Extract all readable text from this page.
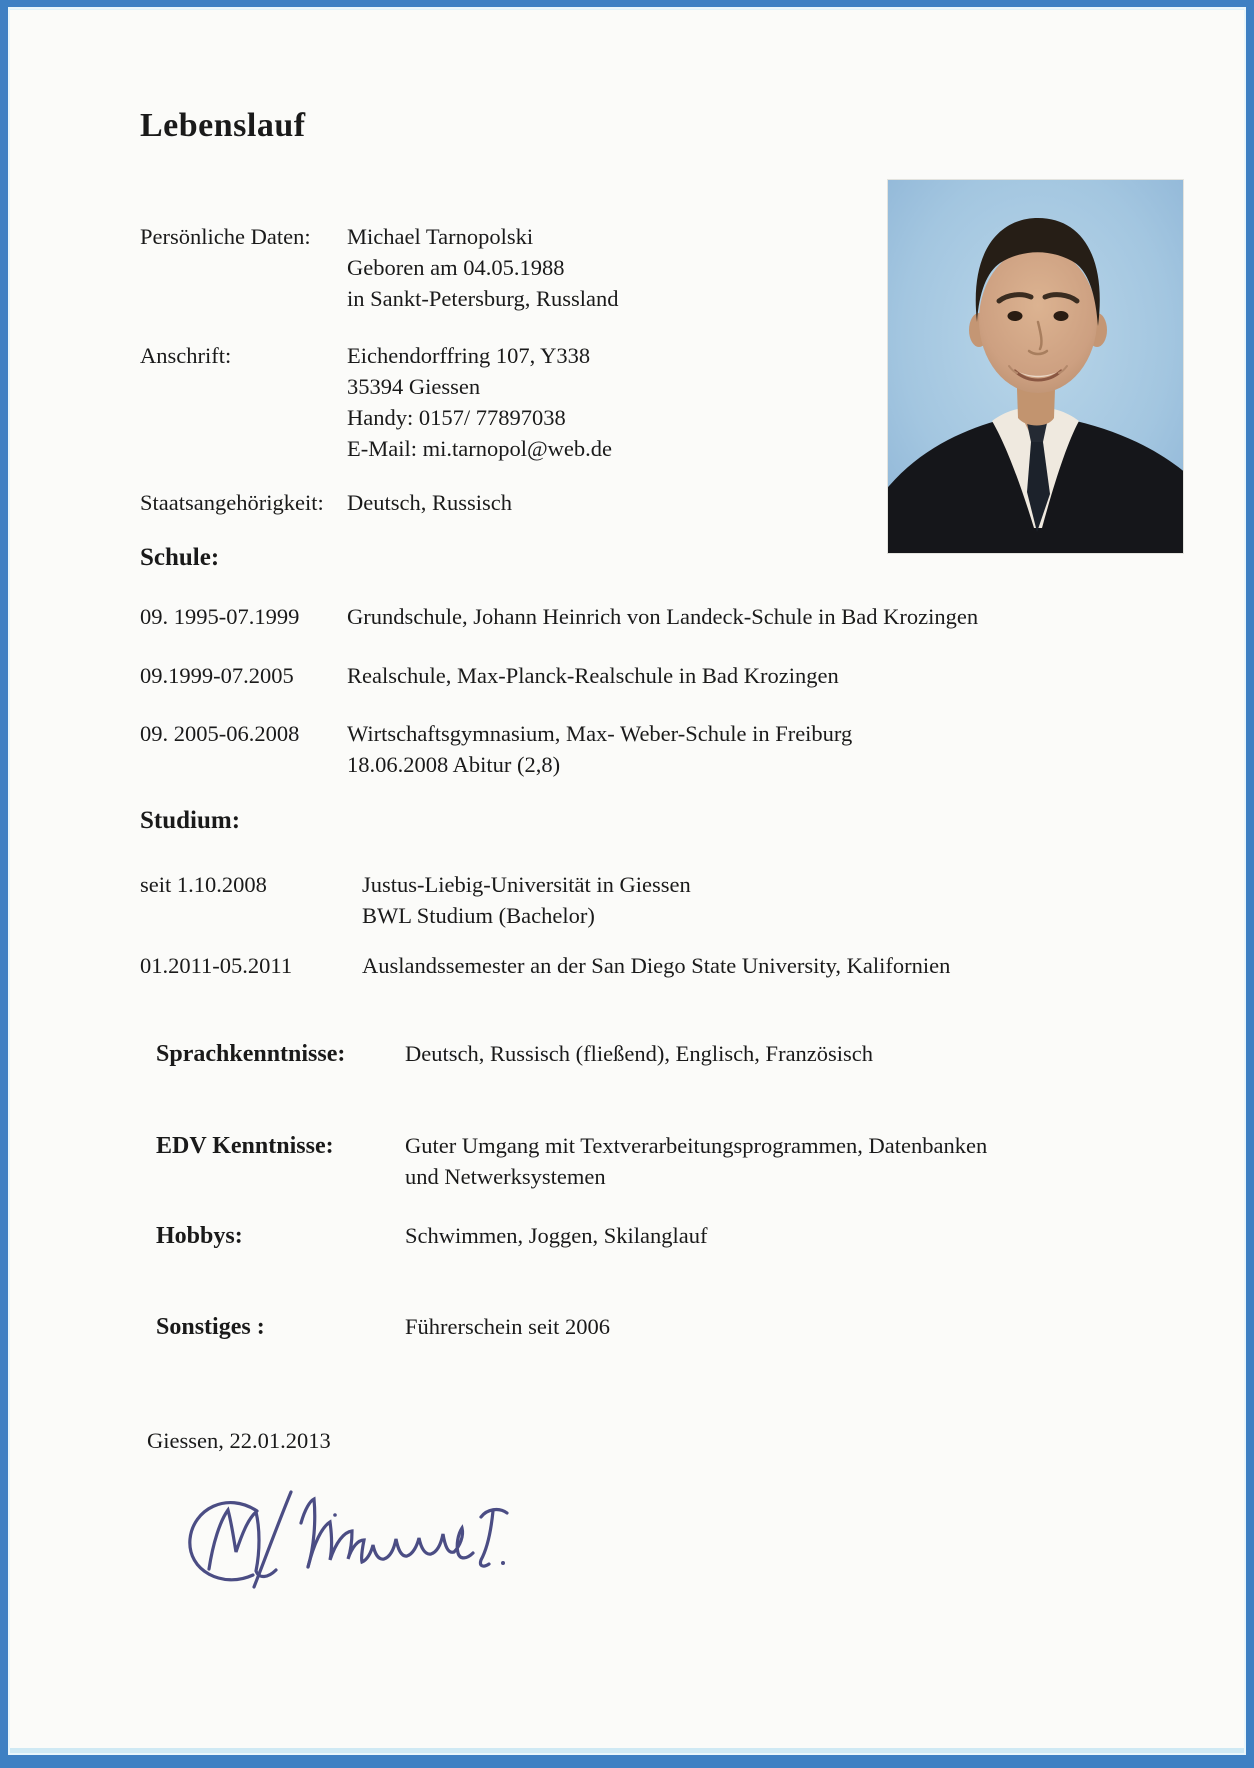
Lebenslauf
Persönliche Daten:	Michael Tarnopolski
Geboren am 04.05.1988
in Sankt-Petersburg, Russland
Anschrift:	Eichendorffring 107, Y338
35394 Giessen
Handy: 0157/ 77897038
E-Mail: mi.tarnopol@web.de
Staatsangehörigkeit:	Deutsch, Russisch
Schule:
09. 1995-07.1999	Grundschule, Johann Heinrich von Landeck-Schule in Bad Krozingen
09.1999-07.2005	Realschule, Max-Planck-Realschule in Bad Krozingen
09. 2005-06.2008	Wirtschaftsgymnasium, Max- Weber-Schule in Freiburg
18.06.2008 Abitur (2,8)
Studium:
seit 1.10.2008	Justus-Liebig-Universität in Giessen
BWL Studium (Bachelor)
01.2011-05.2011	Auslandssemester an der San Diego State University, Kalifornien
Sprachkenntnisse:	Deutsch, Russisch (fließend), Englisch, Französisch
EDV Kenntnisse:	Guter Umgang mit Textverarbeitungsprogrammen, Datenbanken
und Netwerksystemen
Hobbys:	Schwimmen, Joggen, Skilanglauf
Sonstiges :	Führerschein seit 2006
Giessen, 22.01.2013
